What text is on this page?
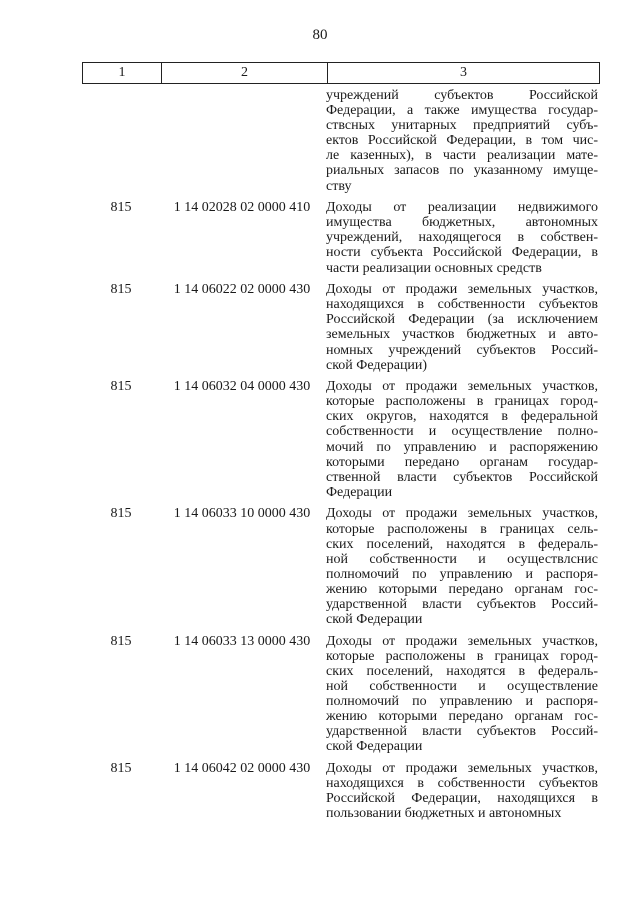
80
1	2	3
учреждений субъектов Российской
Федерации, а также имущества государ-
ствсных унитарных предприятий субъ-
ектов Российской Федерации, в том чис-
ле казенных), в части реализации мате-
риальных запасов по указанному имуще-
ству
815	1 14 02028 02 0000 410	Доходы от реализации недвижимого
имущества бюджетных, автономных
учреждений, находящегося в собствен-
ности субъекта Российской Федерации, в
части реализации основных средств
815	1 14 06022 02 0000 430	Доходы от продажи земельных участков,
находящихся в собственности субъектов
Российской Федерации (за исключением
земельных участков бюджетных и авто-
номных учреждений субъектов Россий-
ской Федерации)
815	1 14 06032 04 0000 430	Доходы от продажи земельных участков,
которые расположены в границах город-
ских округов, находятся в федеральной
собственности и осуществление полно-
мочий по управлению и распоряжению
которыми передано органам государ-
ственной власти субъектов Российской
Федерации
815	1 14 06033 10 0000 430	Доходы от продажи земельных участков,
которые расположены в границах сель-
ских поселений, находятся в федераль-
ной собственности и осуществлснис
полномочий по управлению и распоря-
жению которыми передано органам гос-
ударственной власти субъектов Россий-
ской Федерации
815	1 14 06033 13 0000 430	Доходы от продажи земельных участков,
которые расположены в границах город-
ских поселений, находятся в федераль-
ной собственности и осуществление
полномочий по управлению и распоря-
жению которыми передано органам гос-
ударственной власти субъектов Россий-
ской Федерации
815	1 14 06042 02 0000 430	Доходы от продажи земельных участков,
находящихся в собственности субъектов
Российской Федерации, находящихся в
пользовании бюджетных и автономных
